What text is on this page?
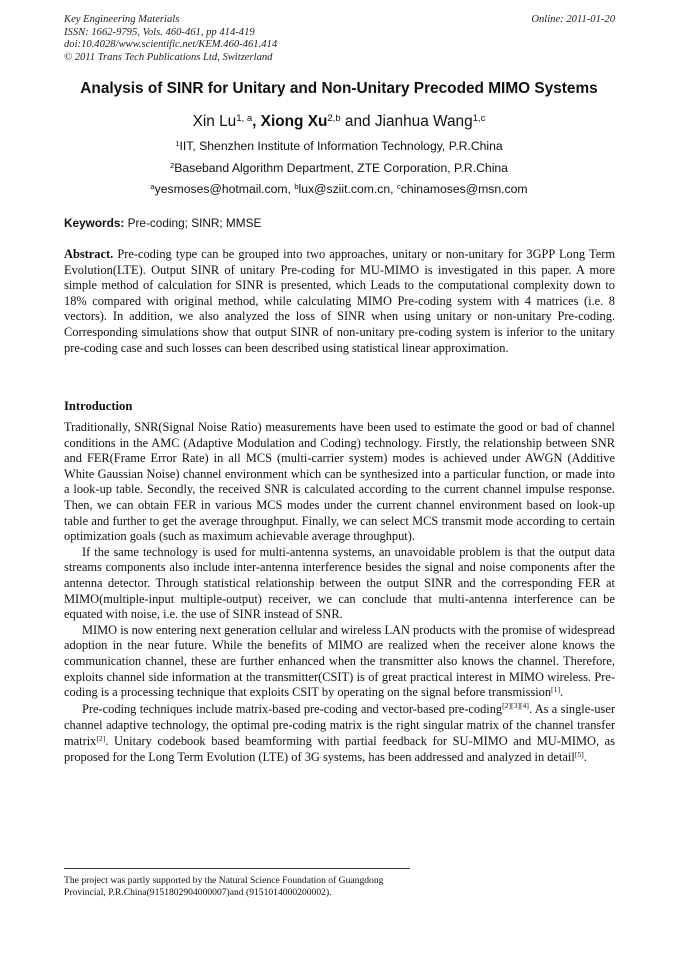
Key Engineering Materials
ISSN: 1662-9795, Vols. 460-461, pp 414-419
doi:10.4028/www.scientific.net/KEM.460-461.414
© 2011 Trans Tech Publications Ltd, Switzerland
Online: 2011-01-20
Analysis of SINR for Unitary and Non-Unitary Precoded MIMO Systems
Xin Lu$^{1, a}$, Xiong Xu$^{2,b}$ and Jianhua Wang$^{1,c}$
$^1$IIT, Shenzhen Institute of Information Technology, P.R.China
$^2$Baseband Algorithm Department, ZTE Corporation, P.R.China
$^a$yesmoses@hotmail.com, $^b$lux@sziit.com.cn, $^c$chinamoses@msn.com
Keywords: Pre-coding; SINR; MMSE

Abstract. Pre-coding type can be grouped into two approaches, unitary or non-unitary for 3GPP Long Term Evolution(LTE). Output SINR of unitary Pre-coding for MU-MIMO is investigated in this paper. A more simple method of calculation for SINR is presented, which Leads to the computational complexity down to 18% compared with original method, while calculating MIMO Pre-coding system with 4 matrices (i.e. 8 vectors). In addition, we also analyzed the loss of SINR when using unitary or non-unitary Pre-coding. Corresponding simulations show that output SINR of non-unitary pre-coding system is inferior to the unitary pre-coding case and such losses can been described using statistical linear approximation.

Introduction

Traditionally, SNR(Signal Noise Ratio) measurements have been used to estimate the good or bad of channel conditions in the AMC (Adaptive Modulation and Coding) technology. Firstly, the relationship between SNR and FER(Frame Error Rate) in all MCS (multi-carrier system) modes is achieved under AWGN (Additive White Gaussian Noise) channel environment which can be synthesized into a particular function, or made into a look-up table. Secondly, the received SNR is calculated according to the current channel impulse response. Then, we can obtain FER in various MCS modes under the current channel environment based on look-up table and further to get the average throughput. Finally, we can select MCS transmit mode according to certain optimization goals (such as maximum achievable average throughput).

If the same technology is used for multi-antenna systems, an unavoidable problem is that the output data streams components also include inter-antenna interference besides the signal and noise components after the antenna detector. Through statistical relationship between the output SINR and the corresponding FER at MIMO(multiple-input multiple-output) receiver, we can conclude that multi-antenna interference can be equated with noise, i.e. the use of SINR instead of SNR.

MIMO is now entering next generation cellular and wireless LAN products with the promise of widespread adoption in the near future. While the benefits of MIMO are realized when the receiver alone knows the communication channel, these are further enhanced when the transmitter also knows the channel. Therefore, exploits channel side information at the transmitter(CSIT) is of great practical interest in MIMO wireless. Pre-coding is a processing technique that exploits CSIT by operating on the signal before transmission[1].

Pre-coding techniques include matrix-based pre-coding and vector-based pre-coding[2][3][4]. As a single-user channel adaptive technology, the optimal pre-coding matrix is the right singular matrix of the channel transfer matrix[2]. Unitary codebook based beamforming with partial feedback for SU-MIMO and MU-MIMO, as proposed for the Long Term Evolution (LTE) of 3G systems, has been addressed and analyzed in detail[5].

The project was partly supported by the Natural Science Foundation of Guangdong Provincial, P.R.China(9151802904000007)and (9151014000200002).
